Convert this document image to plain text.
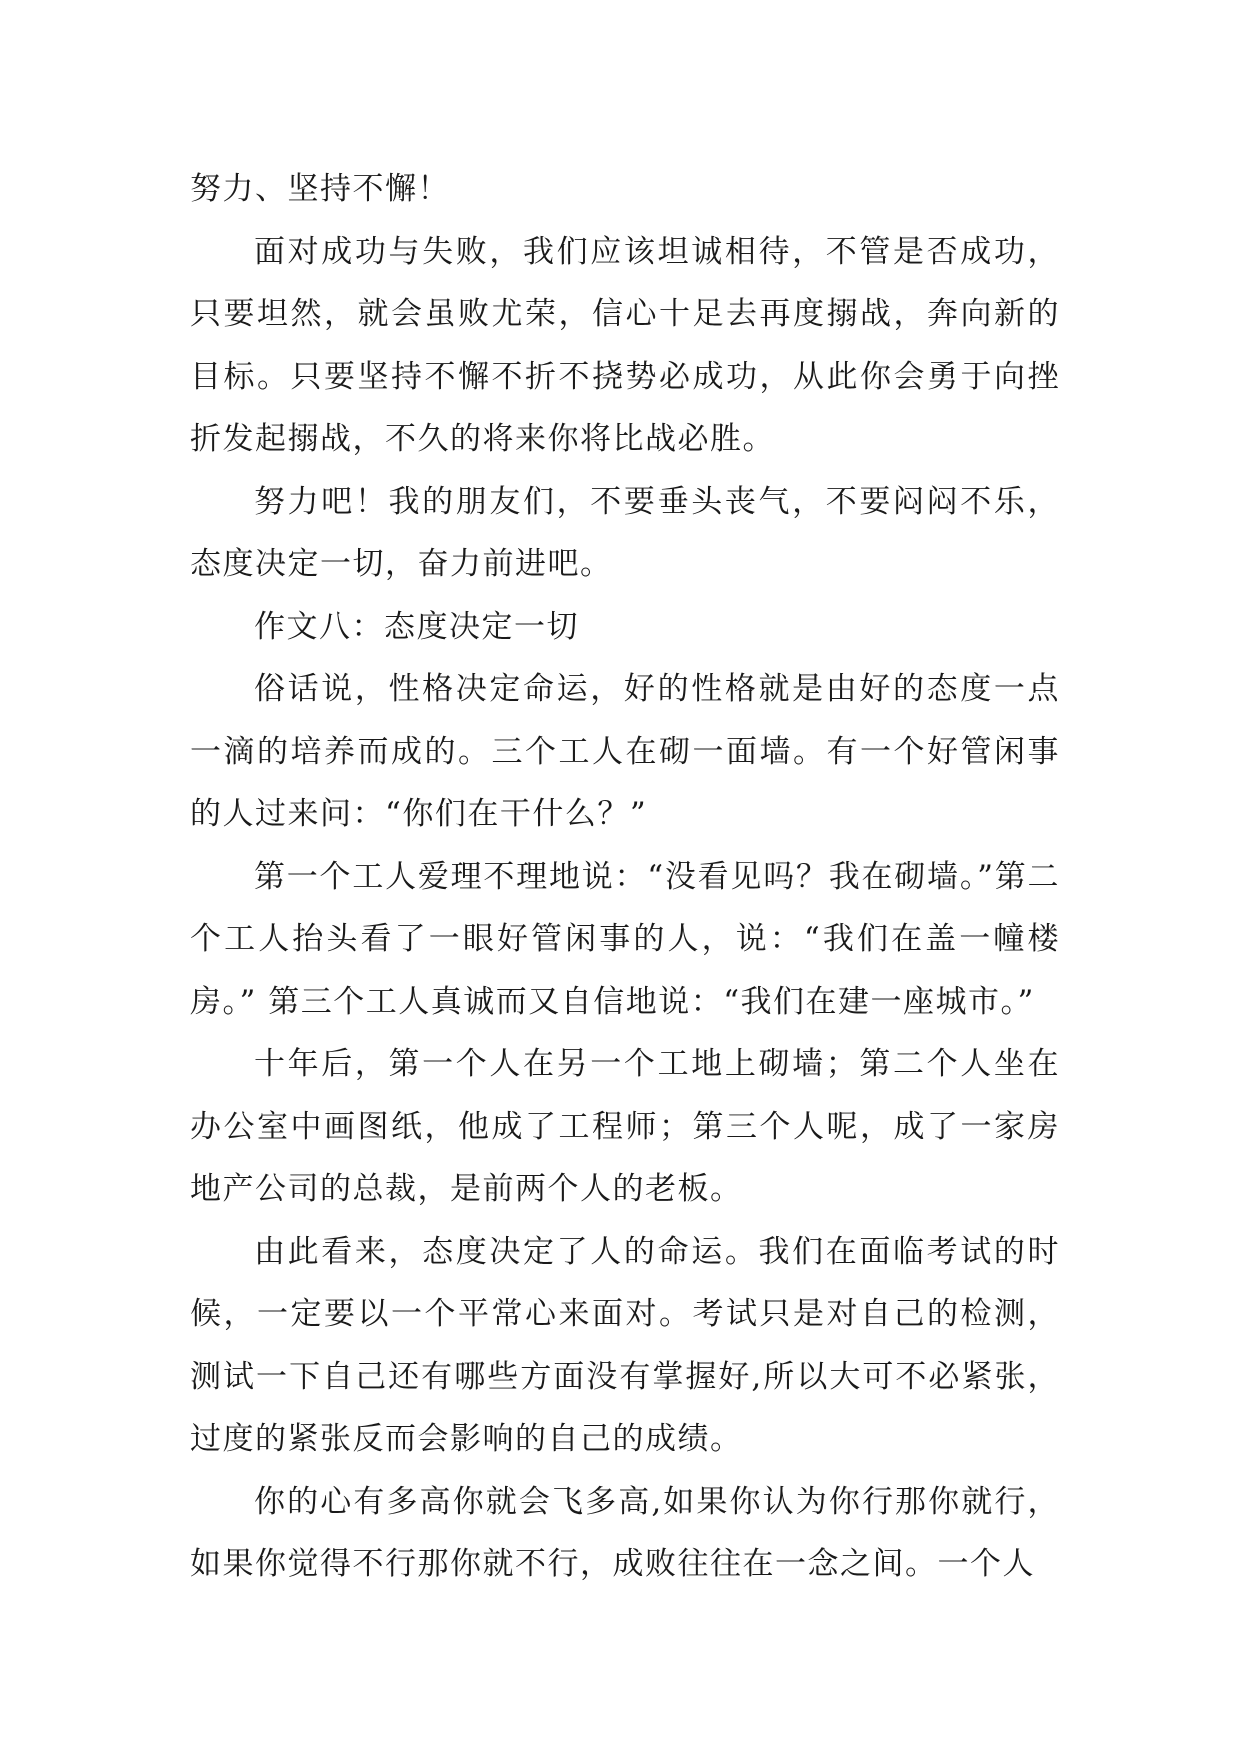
努力、坚持不懈！

面对成功与失败，我们应该坦诚相待，不管是否成功，只要坦然，就会虽败尤荣，信心十足去再度搦战，奔向新的目标。只要坚持不懈不折不挠势必成功，从此你会勇于向挫折发起搦战，不久的将来你将比战必胜。

努力吧！我的朋友们，不要垂头丧气，不要闷闷不乐，态度决定一切，奋力前进吧。

作文八：态度决定一切

俗话说，性格决定命运，好的性格就是由好的态度一点一滴的培养而成的。三个工人在砌一面墙。有一个好管闲事的人过来问：“你们在干什么？”

第一个工人爱理不理地说：“没看见吗？我在砌墙。”第二个工人抬头看了一眼好管闲事的人，说：“我们在盖一幢楼房。” 第三个工人真诚而又自信地说：“我们在建一座城市。”

十年后，第一个人在另一个工地上砌墙；第二个人坐在办公室中画图纸，他成了工程师；第三个人呢，成了一家房地产公司的总裁，是前两个人的老板。

由此看来，态度决定了人的命运。我们在面临考试的时候，一定要以一个平常心来面对。考试只是对自己的检测，测试一下自己还有哪些方面没有掌握好,所以大可不必紧张，过度的紧张反而会影响的自己的成绩。

你的心有多高你就会飞多高,如果你认为你行那你就行，如果你觉得不行那你就不行，成败往往在一念之间。一个人
